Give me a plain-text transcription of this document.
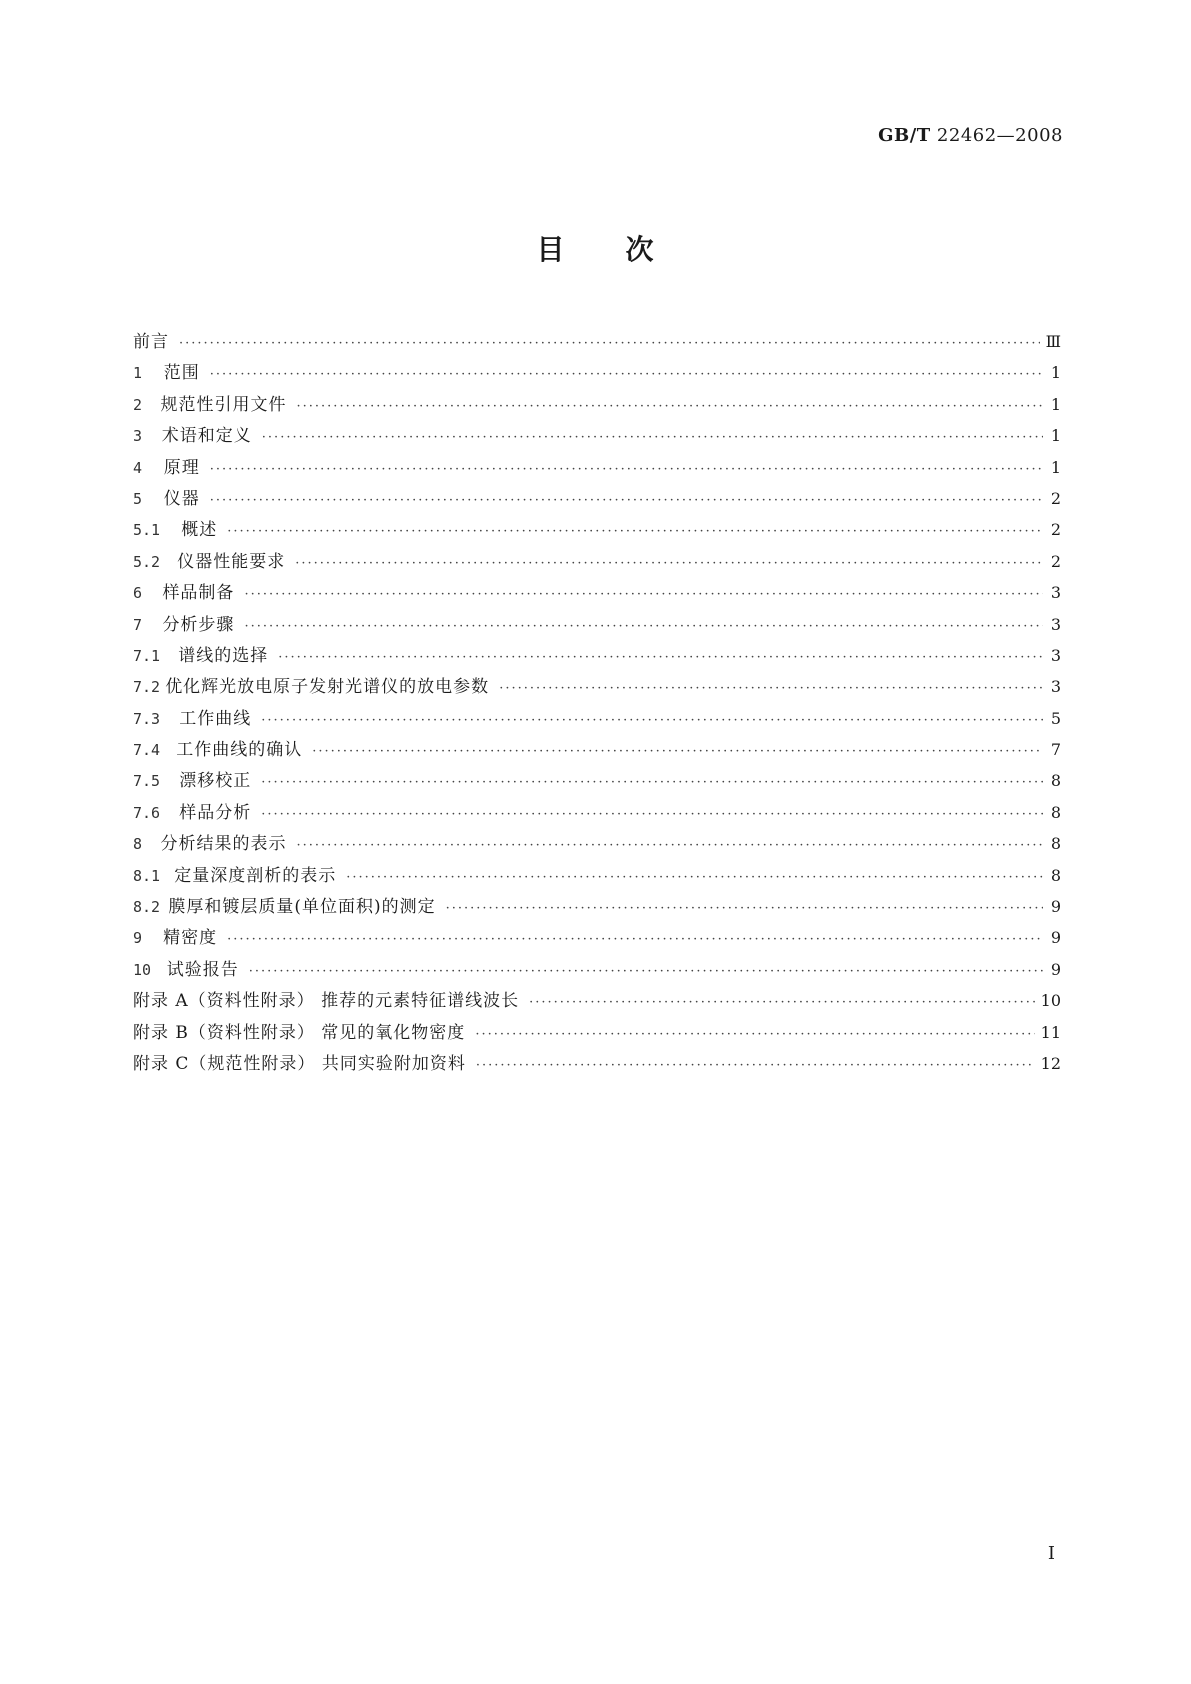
GB/T 22462—2008
目 次
前言 ·····	Ⅲ
1	范围 ·····	1
2	规范性引用文件 ·····	1
3	术语和定义 ·····	1
4	原理 ·····	1
5	仪器 ·····	2
5.1	概述 ·····	2
5.2	仪器性能要求 ·····	2
6	样品制备 ·····	3
7	分析步骤 ·····	3
7.1	谱线的选择 ·····	3
7.2 优化辉光放电原子发射光谱仪的放电参数 ·····	3
7.3	工作曲线 ·····	5
7.4 工作曲线的确认 ·····	7
7.5	漂移校正 ·····	8
7.6	样品分析 ·····	8
8	分析结果的表示 ·····	8
8.1 定量深度剖析的表示 ·····	8
8.2 膜厚和镀层质量(单位面积)的测定 ·····	9
9	精密度 ·····	9
10 试验报告 ·····	9
附录 A（资料性附录） 推荐的元素特征谱线波长 ·····	10
附录 B（资料性附录） 常见的氧化物密度 ·····	11
附录 C（规范性附录） 共同实验附加资料 ·····	12
I
